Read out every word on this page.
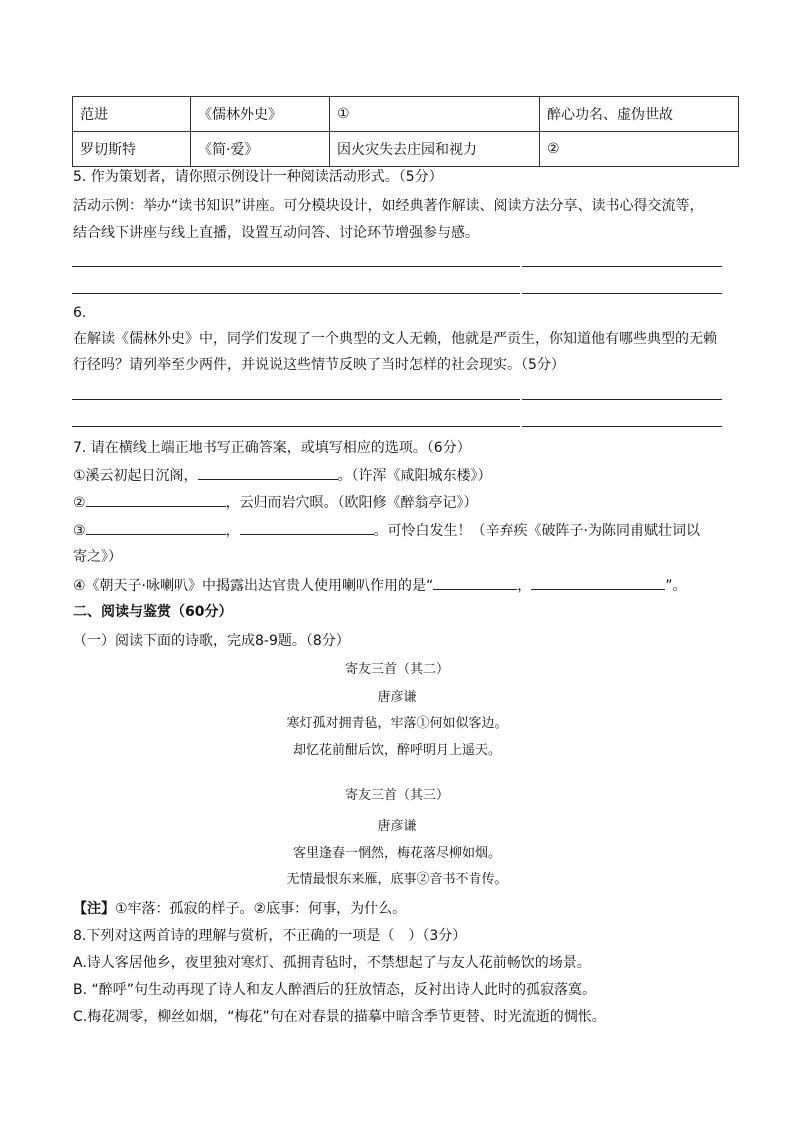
范进	《儒林外史》	①	醉心功名、虚伪世故
罗切斯特	《简·爱》	因火灾失去庄园和视力	②
5. 作为策划者，请你照示例设计一种阅读活动形式。（5分）
活动示例：举办“读书知识”讲座。可分模块设计，如经典著作解读、阅读方法分享、读书心得交流等，
结合线下讲座与线上直播，设置互动问答、讨论环节增强参与感。
6.
在解读《儒林外史》中，同学们发现了一个典型的文人无赖，他就是严贡生，你知道他有哪些典型的无赖
行径吗？请列举至少两件，并说说这些情节反映了当时怎样的社会现实。（5分）
7. 请在横线上端正地书写正确答案，或填写相应的选项。（6分）
①溪云初起日沉阁，	。（许浑《咸阳城东楼》）
②	，云归而岩穴暝。（欧阳修《醉翁亭记》）
③	，	。可怜白发生！（辛弃疾《破阵子·为陈同甫赋壮词以
寄之》）
④《朝天子·咏喇叭》中揭露出达官贵人使用喇叭作用的是“	，	”。
二、阅读与鉴赏（60分）
（一）阅读下面的诗歌，完成8-9题。（8分）
寄友三首（其二）
唐彦谦
寒灯孤对拥青毡，牢落①何如似客边。
却忆花前酣后饮，醉呼明月上遥天。
寄友三首（其三）
唐彦谦
客里逢春一惘然，梅花落尽柳如烟。
无情最恨东来雁，底事②音书不肯传。
【注】①牢落：孤寂的样子。②底事：何事，为什么。
8.下列对这两首诗的理解与赏析，不正确的一项是（　）（3分）
A.诗人客居他乡，夜里独对寒灯、孤拥青毡时，不禁想起了与友人花前畅饮的场景。
B. “醉呼”句生动再现了诗人和友人醉酒后的狂放情态，反衬出诗人此时的孤寂落寞。
C.梅花凋零，柳丝如烟，“梅花”句在对春景的描摹中暗含季节更替、时光流逝的惆怅。
